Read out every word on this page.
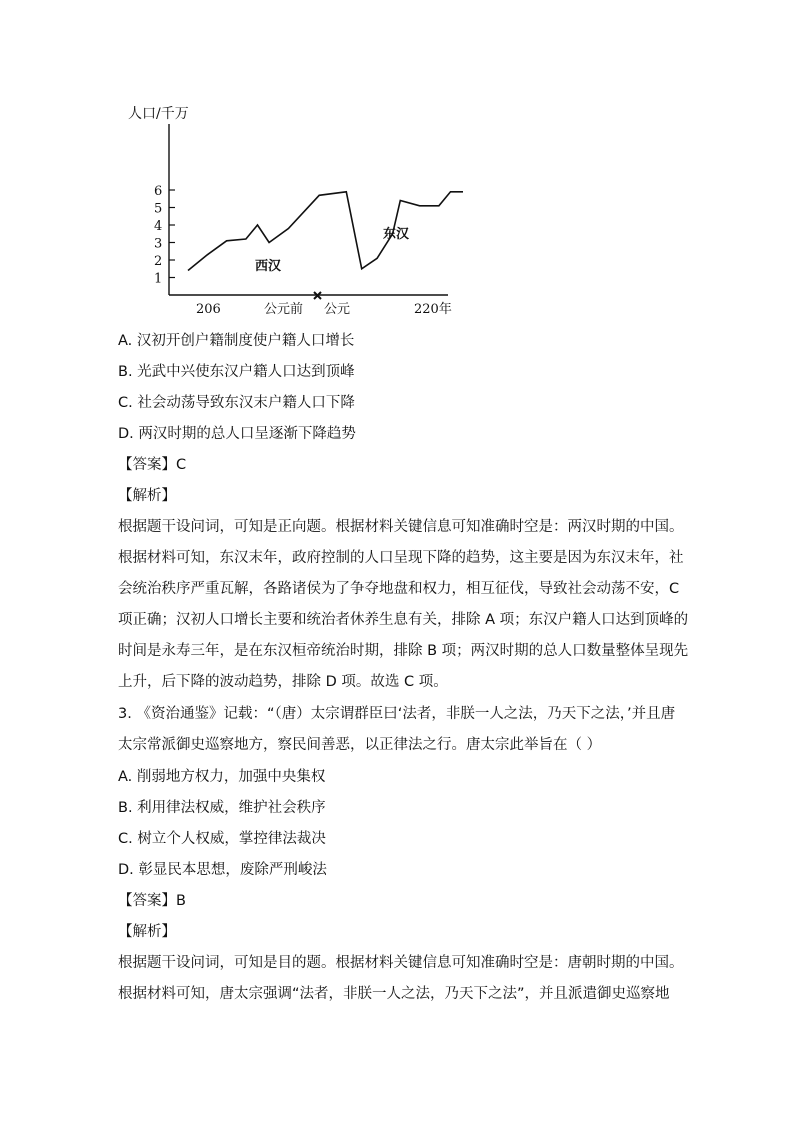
人口/千万
1
2
3
4
5
6
西汉
东汉
206	公元前 公元	220年
A. 汉初开创户籍制度使户籍人口增长
B. 光武中兴使东汉户籍人口达到顶峰
C. 社会动荡导致东汉末户籍人口下降
D. 两汉时期的总人口呈逐渐下降趋势
【答案】C
【解析】

根据题干设问词，可知是正向题。根据材料关键信息可知准确时空是：两汉时期的中国。

根据材料可知，东汉末年，政府控制的人口呈现下降的趋势，这主要是因为东汉末年，社

会统治秩序严重瓦解，各路诸侯为了争夺地盘和权力，相互征伐，导致社会动荡不安，C

项正确；汉初人口增长主要和统治者休养生息有关，排除 A 项；东汉户籍人口达到顶峰的

时间是永寿三年，是在东汉桓帝统治时期，排除 B 项；两汉时期的总人口数量整体呈现先

上升，后下降的波动趋势，排除 D 项。故选 C 项。

3. 《资治通鉴》记载：“（唐）太宗谓群臣曰‘法者，非朕一人之法，乃天下之法，’并且唐

太宗常派御史巡察地方，察民间善恶，以正律法之行。唐太宗此举旨在（ ）

A. 削弱地方权力，加强中央集权
B. 利用律法权威，维护社会秩序
C. 树立个人权威，掌控律法裁决
D. 彰显民本思想，废除严刑峻法
【答案】B
【解析】

根据题干设问词，可知是目的题。根据材料关键信息可知准确时空是：唐朝时期的中国。

根据材料可知，唐太宗强调“法者，非朕一人之法，乃天下之法”，并且派遣御史巡察地
